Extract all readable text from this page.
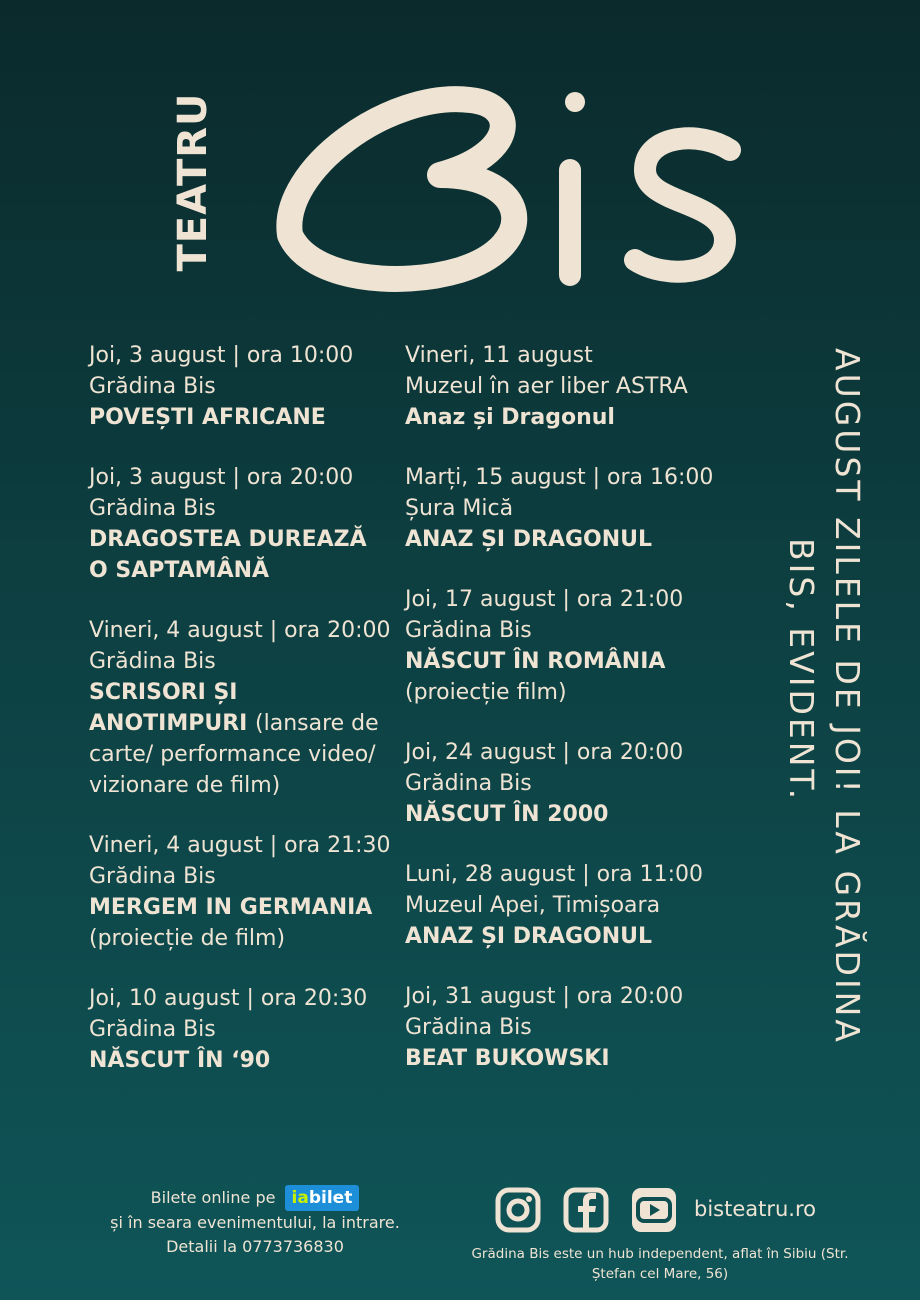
TEATRU
Joi, 3 august | ora 10:00
Grădina Bis
POVEȘTI AFRICANE
Joi, 3 august | ora 20:00
Grădina Bis
DRAGOSTEA DUREAZĂ O SAPTAMÂNĂ
Vineri, 4 august | ora 20:00
Grădina Bis
SCRISORI ȘI ANOTIMPURI (lansare de carte/ performance video/ vizionare de film)
Vineri, 4 august | ora 21:30
Grădina Bis
MERGEM IN GERMANIA
(proiecție de film)
Joi, 10 august | ora 20:30
Grădina Bis
NĂSCUT ÎN ‘90
Vineri, 11 august
Muzeul în aer liber ASTRA
Anaz și Dragonul
Marți, 15 august | ora 16:00
Șura Mică
ANAZ ȘI DRAGONUL
Joi, 17 august | ora 21:00
Grădina Bis
NĂSCUT ÎN ROMÂNIA
(proiecție film)
Joi, 24 august | ora 20:00
Grădina Bis
NĂSCUT ÎN 2000
Luni, 28 august | ora 11:00
Muzeul Apei, Timișoara
ANAZ ȘI DRAGONUL
Joi, 31 august | ora 20:00
Grădina Bis
BEAT BUKOWSKI
AUGUST ZILELE DE JOI! LA GRĂDINA
BIS, EVIDENT.
Bilete online pe iabilet
și în seara evenimentului, la intrare.
Detalii la 0773736830
bisteatru.ro
Grădina Bis este un hub independent, aflat în Sibiu (Str. Ștefan cel Mare, 56)
